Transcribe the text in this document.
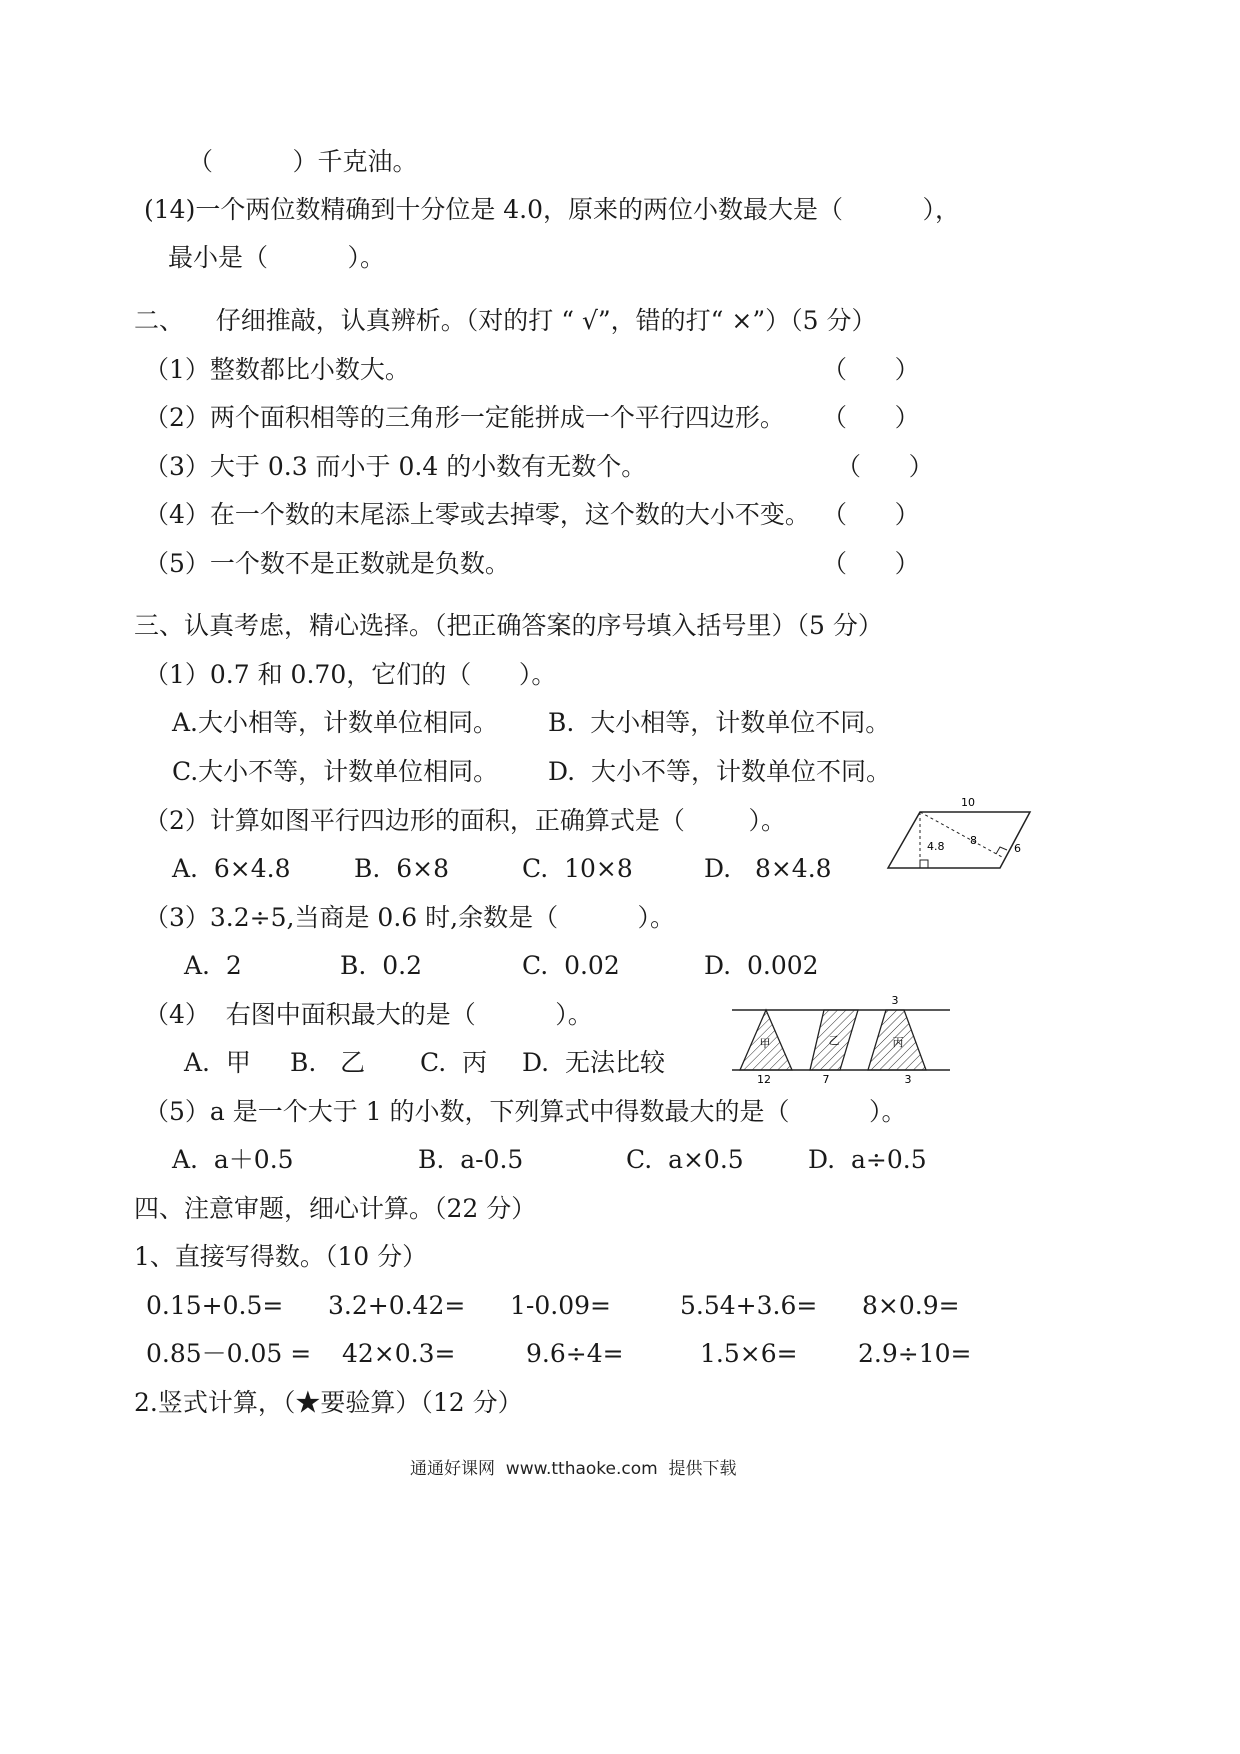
（          ）千克油。
(14)一个两位数精确到十分位是 4.0，原来的两位小数最大是（          ），
最小是（          ）。
二、    仔细推敲，认真辨析。（对的打 “ √”，错的打“ ×”）（5 分）
（1）整数都比小数大。	（      ）
（2）两个面积相等的三角形一定能拼成一个平行四边形。 （      ）
（3）大于 0.3 而小于 0.4 的小数有无数个。	（      ）
（4）在一个数的末尾添上零或去掉零，这个数的大小不变。 （      ）
（5）一个数不是正数就是负数。	（      ）
三、认真考虑，精心选择。（把正确答案的序号填入括号里）（5 分）
（1）0.7 和 0.70，它们的（      ）。
A.大小相等，计数单位相同。 B.  大小相等，计数单位不同。
C.大小不等，计数单位相同。 D.  大小不等，计数单位不同。
（2）计算如图平行四边形的面积，正确算式是（        ）。
A.  6×4.8	B.  6×8	C.  10×8	D.   8×4.8
10
8
4.8	6
（3）3.2÷5,当商是 0.6 时,余数是（          ）。
A.  2	B.  0.2	C.  0.02	D.  0.002
（4）  右图中面积最大的是（          ）。
A.  甲 B.   乙 C.  丙 D.  无法比较
3
12	7	3
甲	乙	丙
（5）a 是一个大于 1 的小数，下列算式中得数最大的是（          ）。
A.  a＋0.5	B.  a-0.5	C.  a×0.5	D.  a÷0.5
四、注意审题，细心计算。（22 分）
1、直接写得数。（10 分）
0.15+0.5= 3.2+0.42= 1-0.09=	5.54+3.6= 8×0.9=
0.85－0.05 = 42×0.3=	9.6÷4=	1.5×6= 2.9÷10=
2.竖式计算，（★要验算）（12 分）
通通好课网  www.tthaoke.com  提供下载
